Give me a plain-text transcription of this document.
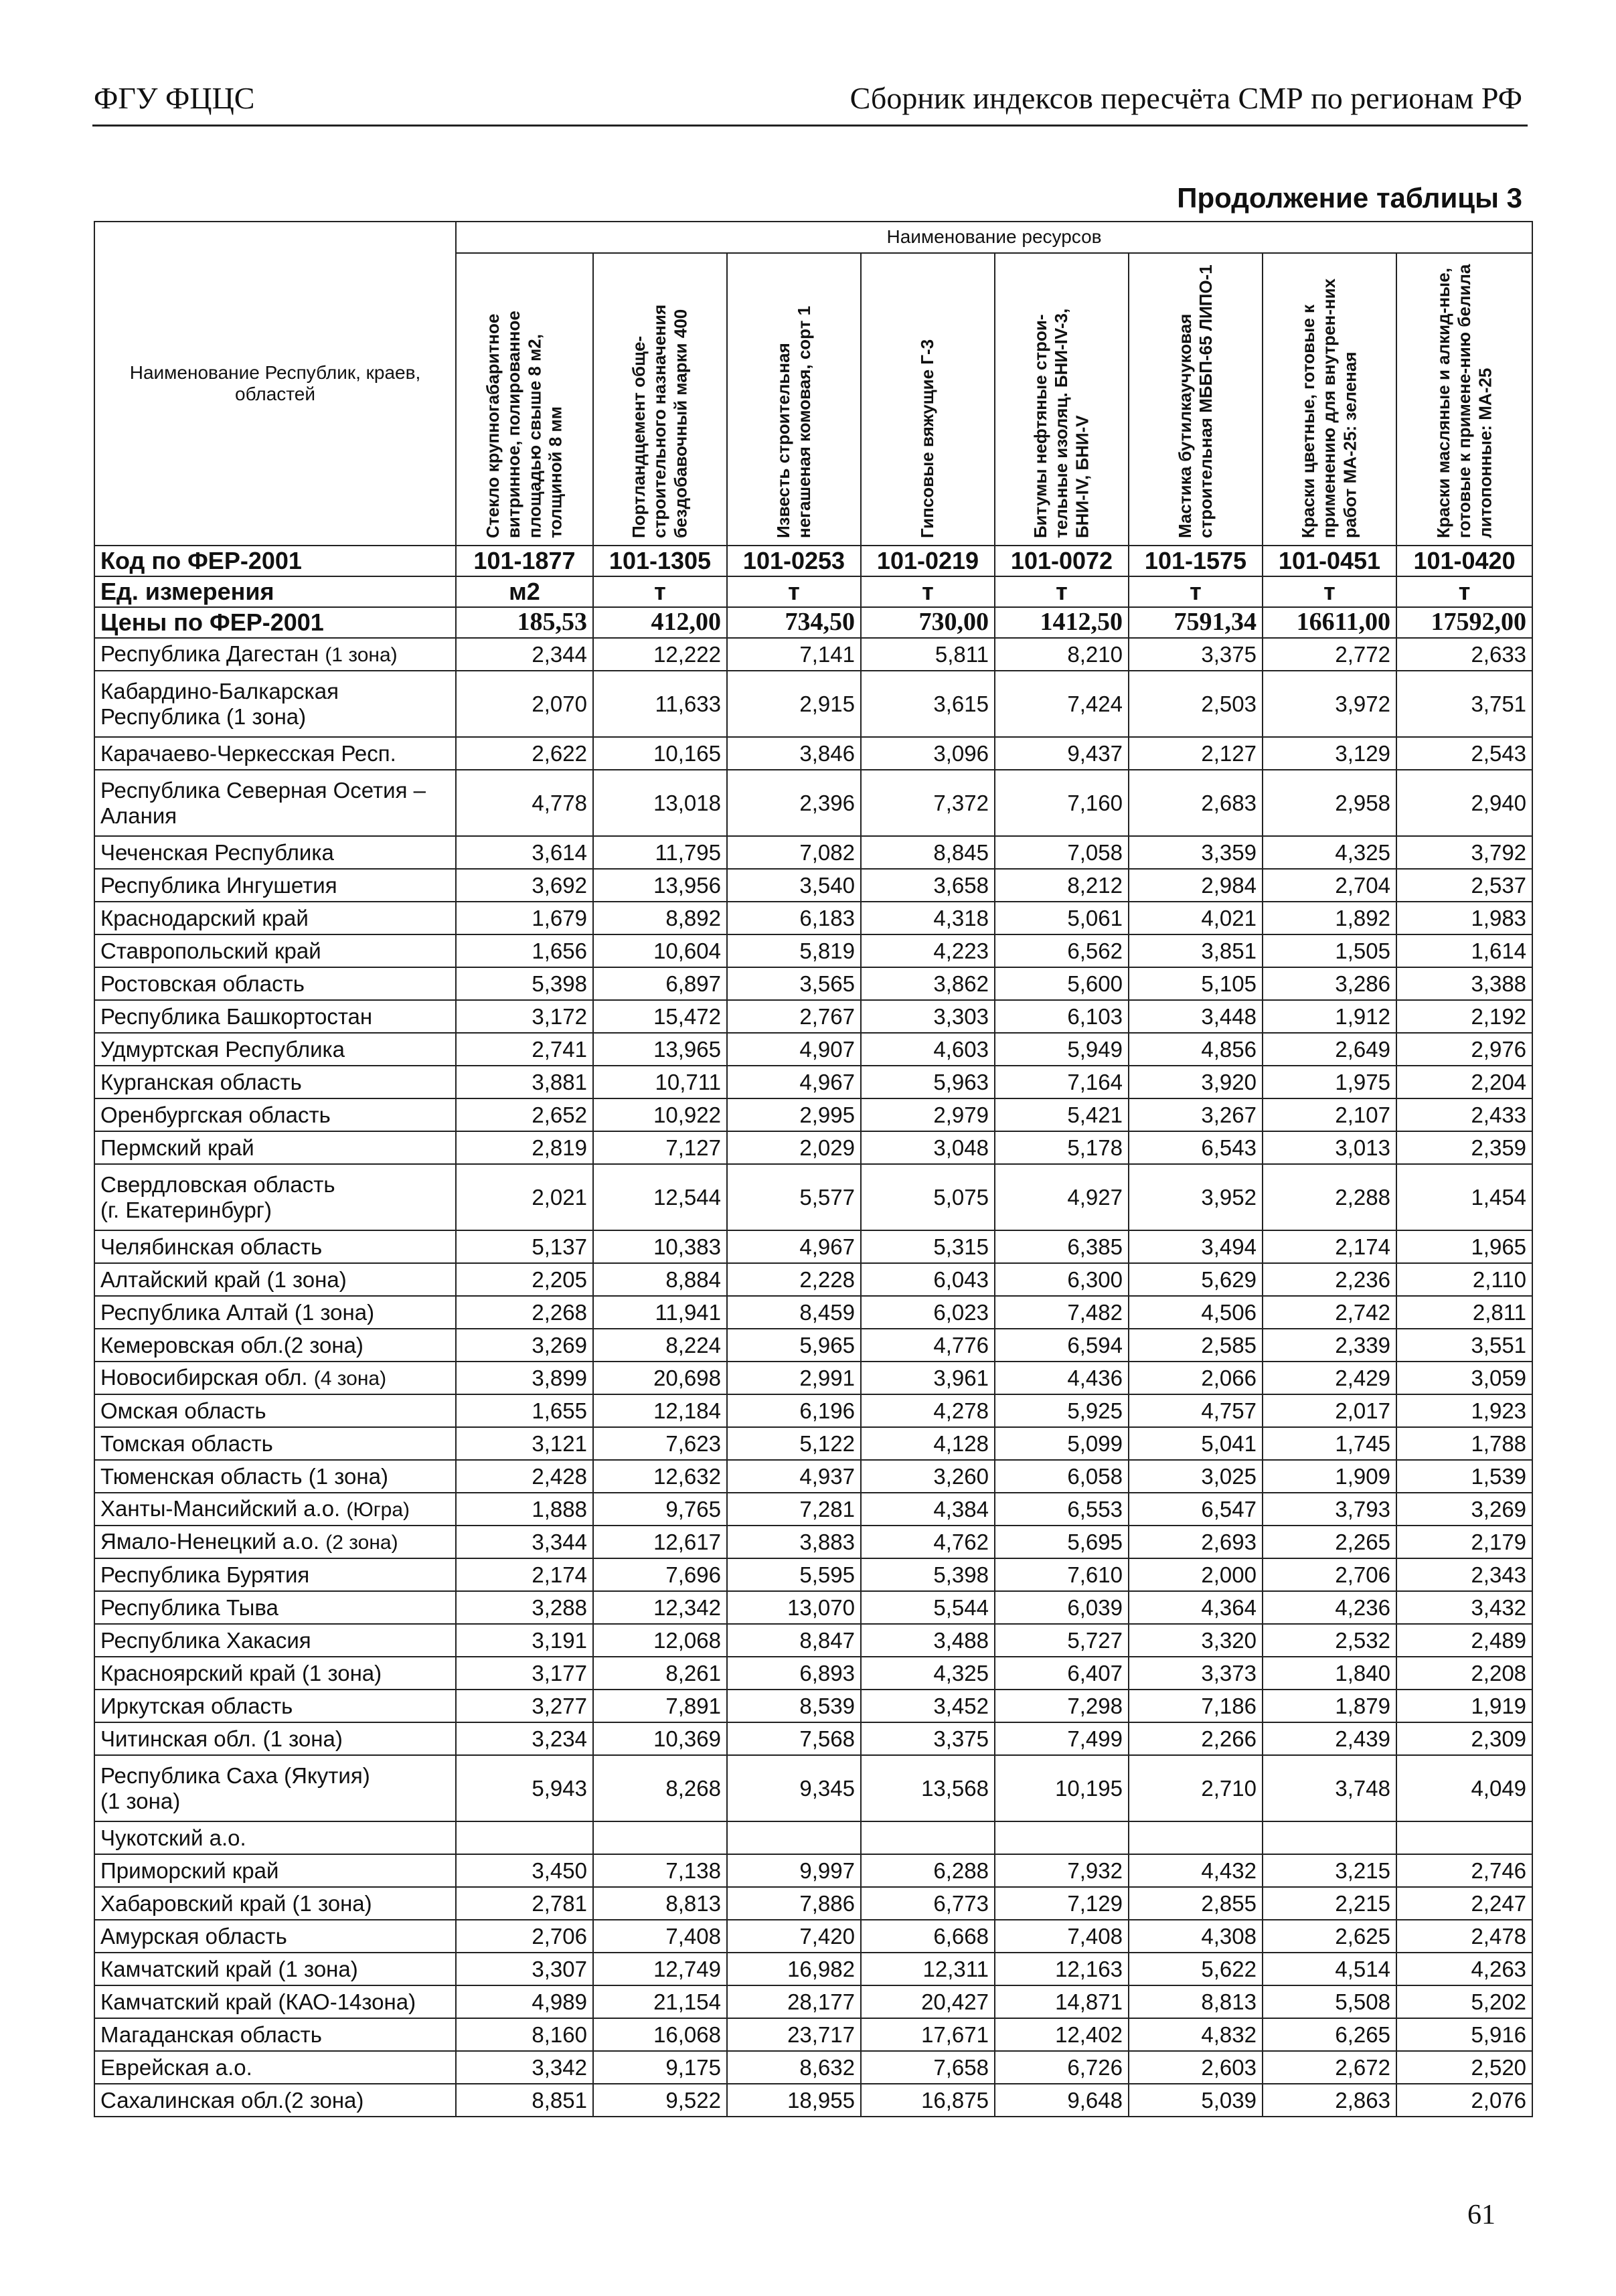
ФГУ ФЦЦС	Сборник индексов пересчёта СМР по регионам РФ
Продолжение таблицы 3
Наименование Республик, краев, областей	Наименование ресурсов							

	Стекло крупногабаритное витринное, полированное площадью свыше 8 м2, толщиной 8 мм	Портландцемент обще-строительного назначения бездобавочный марки 400	Известь строительная негашеная комовая, сорт 1	Гипсовые вяжущие Г-3	Битумы нефтяные строи-тельные изоляц. БНИ-IV-3, БНИ-IV, БНИ-V	Мастика бутилкаучуковая строительная МББП-65 ЛИПО-1	Краски цветные, готовые к применению для внутрен-них работ МА-25: зеленая	Краски масляные и алкид-ные, готовые к примене-нию белила литопонные: МА-25

Код по ФЕР-2001	101-1877	101-1305	101-0253	101-0219	101-0072	101-1575	101-0451	101-0420
Ед. измерения	м2	т	т	т	т	т	т	т
Цены по ФЕР-2001	185,53	412,00	734,50	730,00	1412,50	7591,34	16611,00	17592,00
Республика Дагестан (1 зона)	2,344	12,222	7,141	5,811	8,210	3,375	2,772	2,633
Кабардино-Балкарская
Республика (1 зона)	2,070	11,633	2,915	3,615	7,424	2,503	3,972	3,751
Карачаево-Черкесская Респ.	2,622	10,165	3,846	3,096	9,437	2,127	3,129	2,543
Республика Северная Осетия –
Алания	4,778	13,018	2,396	7,372	7,160	2,683	2,958	2,940
Чеченская Республика	3,614	11,795	7,082	8,845	7,058	3,359	4,325	3,792
Республика Ингушетия	3,692	13,956	3,540	3,658	8,212	2,984	2,704	2,537
Краснодарский край	1,679	8,892	6,183	4,318	5,061	4,021	1,892	1,983
Ставропольский край	1,656	10,604	5,819	4,223	6,562	3,851	1,505	1,614
Ростовская область	5,398	6,897	3,565	3,862	5,600	5,105	3,286	3,388
Республика Башкортостан	3,172	15,472	2,767	3,303	6,103	3,448	1,912	2,192
Удмуртская Республика	2,741	13,965	4,907	4,603	5,949	4,856	2,649	2,976
Курганская область	3,881	10,711	4,967	5,963	7,164	3,920	1,975	2,204
Оренбургская область	2,652	10,922	2,995	2,979	5,421	3,267	2,107	2,433
Пермский край	2,819	7,127	2,029	3,048	5,178	6,543	3,013	2,359
Свердловская область
(г. Екатеринбург)	2,021	12,544	5,577	5,075	4,927	3,952	2,288	1,454
Челябинская область	5,137	10,383	4,967	5,315	6,385	3,494	2,174	1,965
Алтайский край (1 зона)	2,205	8,884	2,228	6,043	6,300	5,629	2,236	2,110
Республика Алтай (1 зона)	2,268	11,941	8,459	6,023	7,482	4,506	2,742	2,811
Кемеровская обл.(2 зона)	3,269	8,224	5,965	4,776	6,594	2,585	2,339	3,551
Новосибирская обл. (4 зона)	3,899	20,698	2,991	3,961	4,436	2,066	2,429	3,059
Омская область	1,655	12,184	6,196	4,278	5,925	4,757	2,017	1,923
Томская область	3,121	7,623	5,122	4,128	5,099	5,041	1,745	1,788
Тюменская область (1 зона)	2,428	12,632	4,937	3,260	6,058	3,025	1,909	1,539
Ханты-Мансийский а.о. (Югра)	1,888	9,765	7,281	4,384	6,553	6,547	3,793	3,269
Ямало-Ненецкий а.о. (2 зона)	3,344	12,617	3,883	4,762	5,695	2,693	2,265	2,179
Республика Бурятия	2,174	7,696	5,595	5,398	7,610	2,000	2,706	2,343
Республика Тыва	3,288	12,342	13,070	5,544	6,039	4,364	4,236	3,432
Республика Хакасия	3,191	12,068	8,847	3,488	5,727	3,320	2,532	2,489
Красноярский край (1 зона)	3,177	8,261	6,893	4,325	6,407	3,373	1,840	2,208
Иркутская область	3,277	7,891	8,539	3,452	7,298	7,186	1,879	1,919
Читинская обл. (1 зона)	3,234	10,369	7,568	3,375	7,499	2,266	2,439	2,309
Республика Саха (Якутия)
(1 зона)	5,943	8,268	9,345	13,568	10,195	2,710	3,748	4,049
Чукотский а.о.								
Приморский край	3,450	7,138	9,997	6,288	7,932	4,432	3,215	2,746
Хабаровский край (1 зона)	2,781	8,813	7,886	6,773	7,129	2,855	2,215	2,247
Амурская область	2,706	7,408	7,420	6,668	7,408	4,308	2,625	2,478
Камчатский край (1 зона)	3,307	12,749	16,982	12,311	12,163	5,622	4,514	4,263
Камчатский край (КАО-14зона)	4,989	21,154	28,177	20,427	14,871	8,813	5,508	5,202
Магаданская область	8,160	16,068	23,717	17,671	12,402	4,832	6,265	5,916
Еврейская а.о.	3,342	9,175	8,632	7,658	6,726	2,603	2,672	2,520
Сахалинская обл.(2 зона)	8,851	9,522	18,955	16,875	9,648	5,039	2,863	2,076
61
